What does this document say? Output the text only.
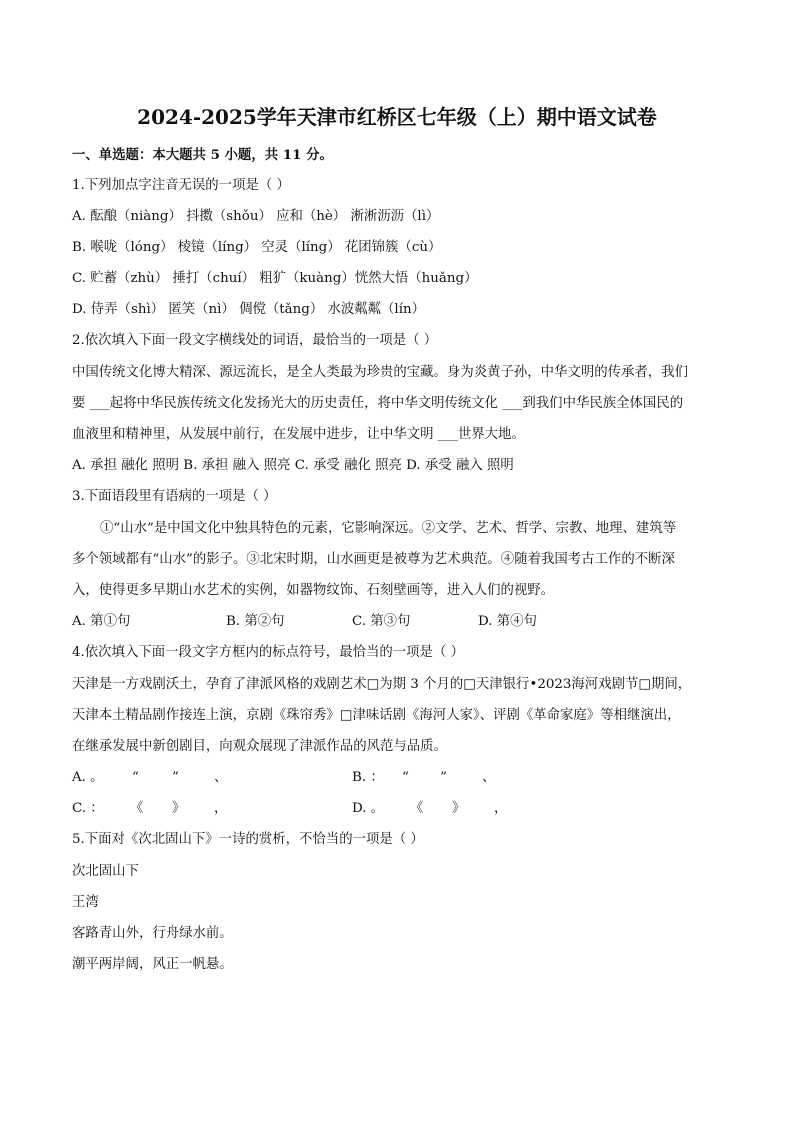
2024-2025学年天津市红桥区七年级（上）期中语文试卷
一、单选题：本大题共 5 小题，共 11 分。
1.下列加点字注音无误的一项是（ ）
A. 酝酿（niàng） 抖擞（shǒu） 应和（hè） 淅淅沥沥（lì）
B. 喉咙（lóng） 棱镜（líng） 空灵（líng） 花团锦簇（cù）
C. 贮蓄（zhù） 捶打（chuí） 粗犷（kuàng）恍然大悟（huǎng）
D. 侍弄（shì） 匿笑（nì） 倜傥（tǎng） 水波粼粼（lín）
2.依次填入下面一段文字横线处的词语，最恰当的一项是（ ）
中国传统文化博大精深、源远流长，是全人类最为珍贵的宝藏。身为炎黄子孙，中华文明的传承者，我们
要 ___起将中华民族传统文化发扬光大的历史责任，将中华文明传统文化 ___到我们中华民族全体国民的
血液里和精神里，从发展中前行，在发展中进步，让中华文明 ___世界大地。
A. 承担 融化 照明 B. 承担 融入 照亮 C. 承受 融化 照亮 D. 承受 融入 照明
3.下面语段里有语病的一项是（ ）
①“山水”是中国文化中独具特色的元素，它影响深远。②文学、艺术、哲学、宗教、地理、建筑等
多个领域都有“山水”的影子。③北宋时期，山水画更是被尊为艺术典范。④随着我国考古工作的不断深
入，使得更多早期山水艺术的实例，如器物纹饰、石刻壁画等，进入人们的视野。
A. 第①句	B. 第②句	C. 第③句	D. 第④句
4.依次填入下面一段文字方框内的标点符号，最恰当的一项是（ ）
天津是一方戏剧沃土，孕育了津派风格的戏剧艺术□为期 3 个月的□天津银行•2023海河戏剧节□期间，
天津本土精品剧作接连上演，京剧《珠帘秀》□津味话剧《海河人家》、评剧《革命家庭》等相继演出，
在继承发展中新创剧目，向观众展现了津派作品的风范与品质。
A. 。 “ ”	、	B. ： “ ”	、
C. ： 《 》 ，	D. 。 《 》 ，
5.下面对《次北固山下》一诗的赏析，不恰当的一项是（ ）
次北固山下
王湾
客路青山外，行舟绿水前。
潮平两岸阔，风正一帆悬。
